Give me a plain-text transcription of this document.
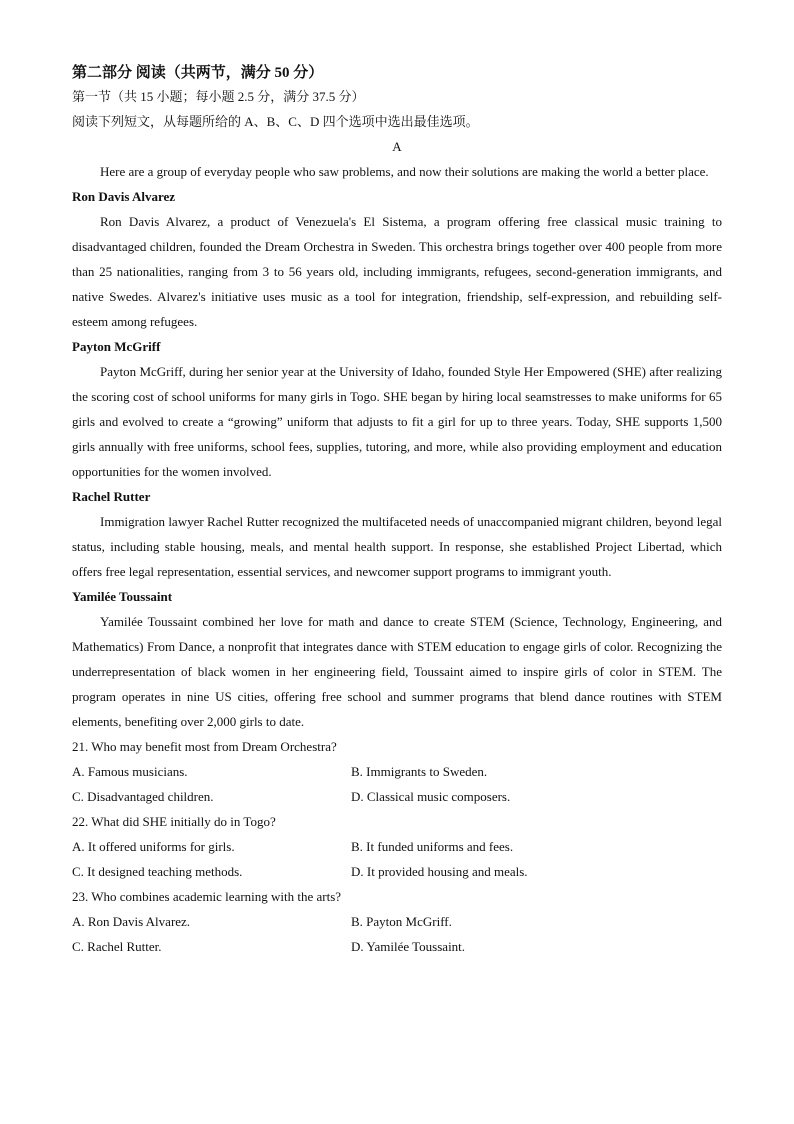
第二部分 阅读（共两节，满分 50 分）

第一节（共 15 小题；每小题 2.5 分，满分 37.5 分）

阅读下列短文，从每题所给的 A、B、C、D 四个选项中选出最佳选项。

A

Here are a group of everyday people who saw problems, and now their solutions are making the world a better place.

Ron Davis Alvarez

Ron Davis Alvarez, a product of Venezuela's El Sistema, a program offering free classical music training to disadvantaged children, founded the Dream Orchestra in Sweden. This orchestra brings together over 400 people from more than 25 nationalities, ranging from 3 to 56 years old, including immigrants, refugees, second-generation immigrants, and native Swedes. Alvarez's initiative uses music as a tool for integration, friendship, self-expression, and rebuilding self-esteem among refugees.

Payton McGriff

Payton McGriff, during her senior year at the University of Idaho, founded Style Her Empowered (SHE) after realizing the scoring cost of school uniforms for many girls in Togo. SHE began by hiring local seamstresses to make uniforms for 65 girls and evolved to create a “growing” uniform that adjusts to fit a girl for up to three years. Today, SHE supports 1,500 girls annually with free uniforms, school fees, supplies, tutoring, and more, while also providing employment and education opportunities for the women involved.

Rachel Rutter

Immigration lawyer Rachel Rutter recognized the multifaceted needs of unaccompanied migrant children, beyond legal status, including stable housing, meals, and mental health support. In response, she established Project Libertad, which offers free legal representation, essential services, and newcomer support programs to immigrant youth.

Yamilée Toussaint

Yamilée Toussaint combined her love for math and dance to create STEM (Science, Technology, Engineering, and Mathematics) From Dance, a nonprofit that integrates dance with STEM education to engage girls of color. Recognizing the underrepresentation of black women in her engineering field, Toussaint aimed to inspire girls of color in STEM. The program operates in nine US cities, offering free school and summer programs that blend dance routines with STEM elements, benefiting over 2,000 girls to date.

21. Who may benefit most from Dream Orchestra?

A. Famous musicians.	B. Immigrants to Sweden.
C. Disadvantaged children.	D. Classical music composers.

22. What did SHE initially do in Togo?

A. It offered uniforms for girls.	B. It funded uniforms and fees.
C. It designed teaching methods.	D. It provided housing and meals.

23. Who combines academic learning with the arts?

A. Ron Davis Alvarez.	B. Payton McGriff.
C. Rachel Rutter.	D. Yamilée Toussaint.
